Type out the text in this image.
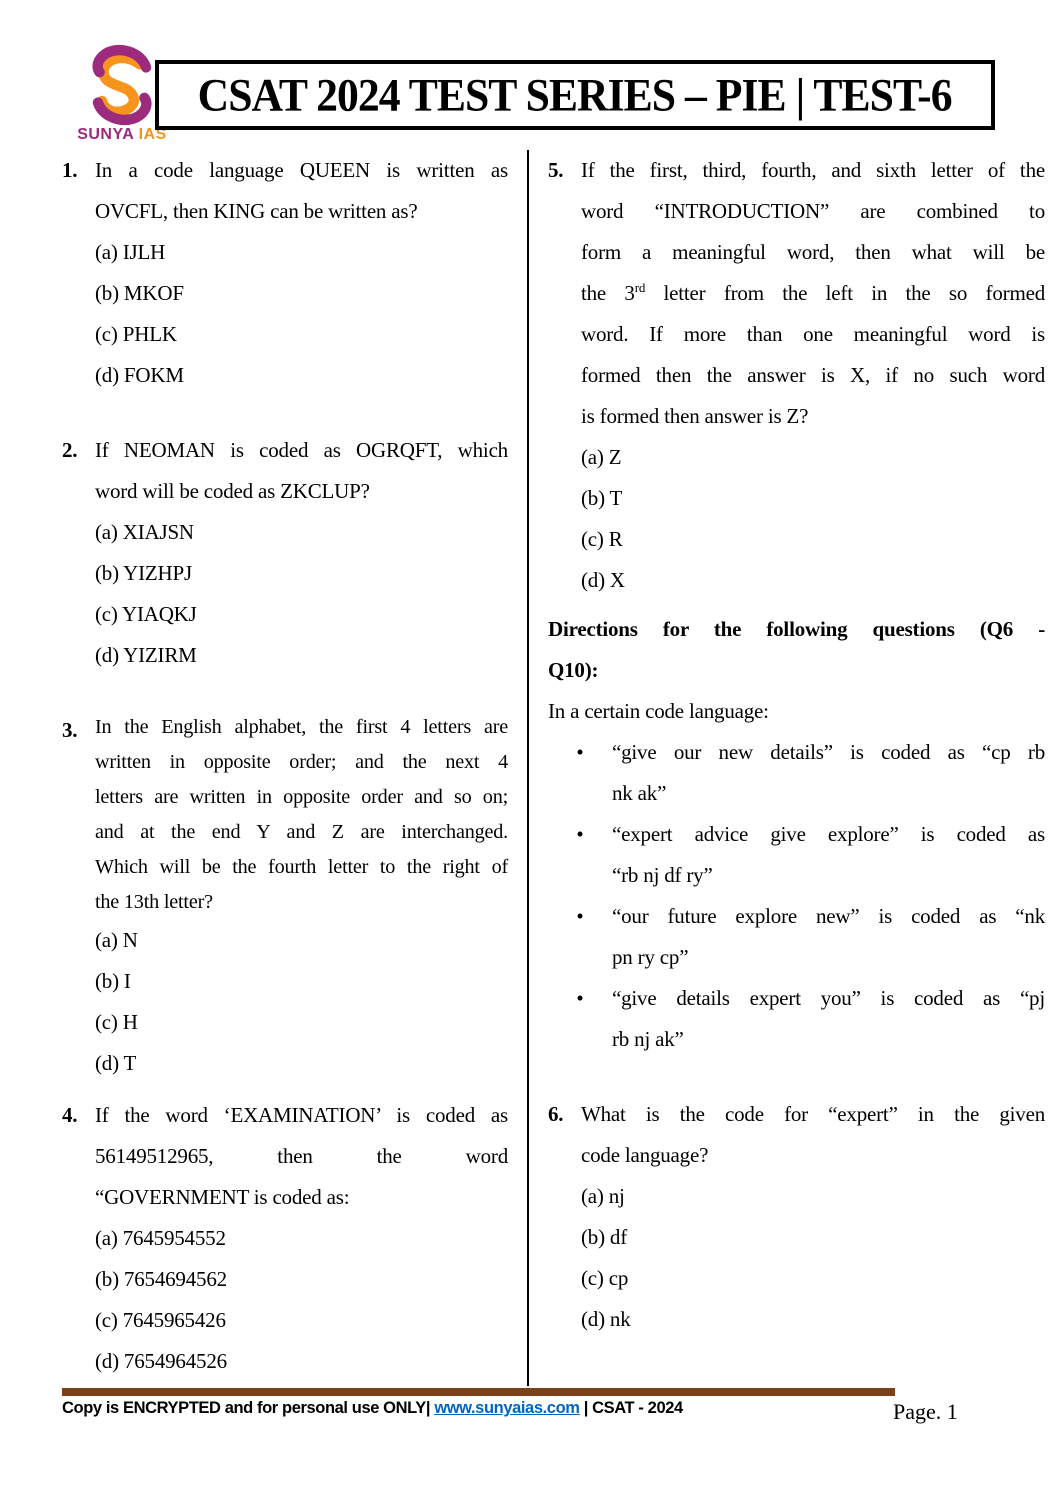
SUNYA IAS
CSAT 2024 TEST SERIES – PIE | TEST-6
1. In a code language QUEEN is written as
OVCFL, then KING can be written as?
(a) IJLH
(b) MKOF
(c) PHLK
(d) FOKM
2. If NEOMAN is coded as OGRQFT, which
word will be coded as ZKCLUP?
(a) XIAJSN
(b) YIZHPJ
(c) YIAQKJ
(d) YIZIRM
3. In the English alphabet, the first 4 letters are
written in opposite order; and the next 4
letters are written in opposite order and so on;
and at the end Y and Z are interchanged.
Which will be the fourth letter to the right of
the 13th letter?
(a) N
(b) I
(c) H
(d) T
4. If the word ‘EXAMINATION’ is coded as
56149512965, then the word
“GOVERNMENT is coded as:
(a) 7645954552
(b) 7654694562
(c) 7645965426
(d) 7654964526
5. If the first, third, fourth, and sixth letter of the
word “INTRODUCTION” are combined to
form a meaningful word, then what will be
the 3rd letter from the left in the so formed
word. If more than one meaningful word is
formed then the answer is X, if no such word
is formed then answer is Z?
(a) Z
(b) T
(c) R
(d) X
Directions for the following questions (Q6 -
Q10):
In a certain code language:
•	“give our new details” is coded as “cp rb
nk ak”
•	“expert advice give explore” is coded as
“rb nj df ry”
•	“our future explore new” is coded as “nk
pn ry cp”
•	“give details expert you” is coded as “pj
rb nj ak”
6. What is the code for “expert” in the given
code language?
(a) nj
(b) df
(c) cp
(d) nk
Copy is ENCRYPTED and for personal use ONLY| www.sunyaias.com | CSAT - 2024	Page. 1
